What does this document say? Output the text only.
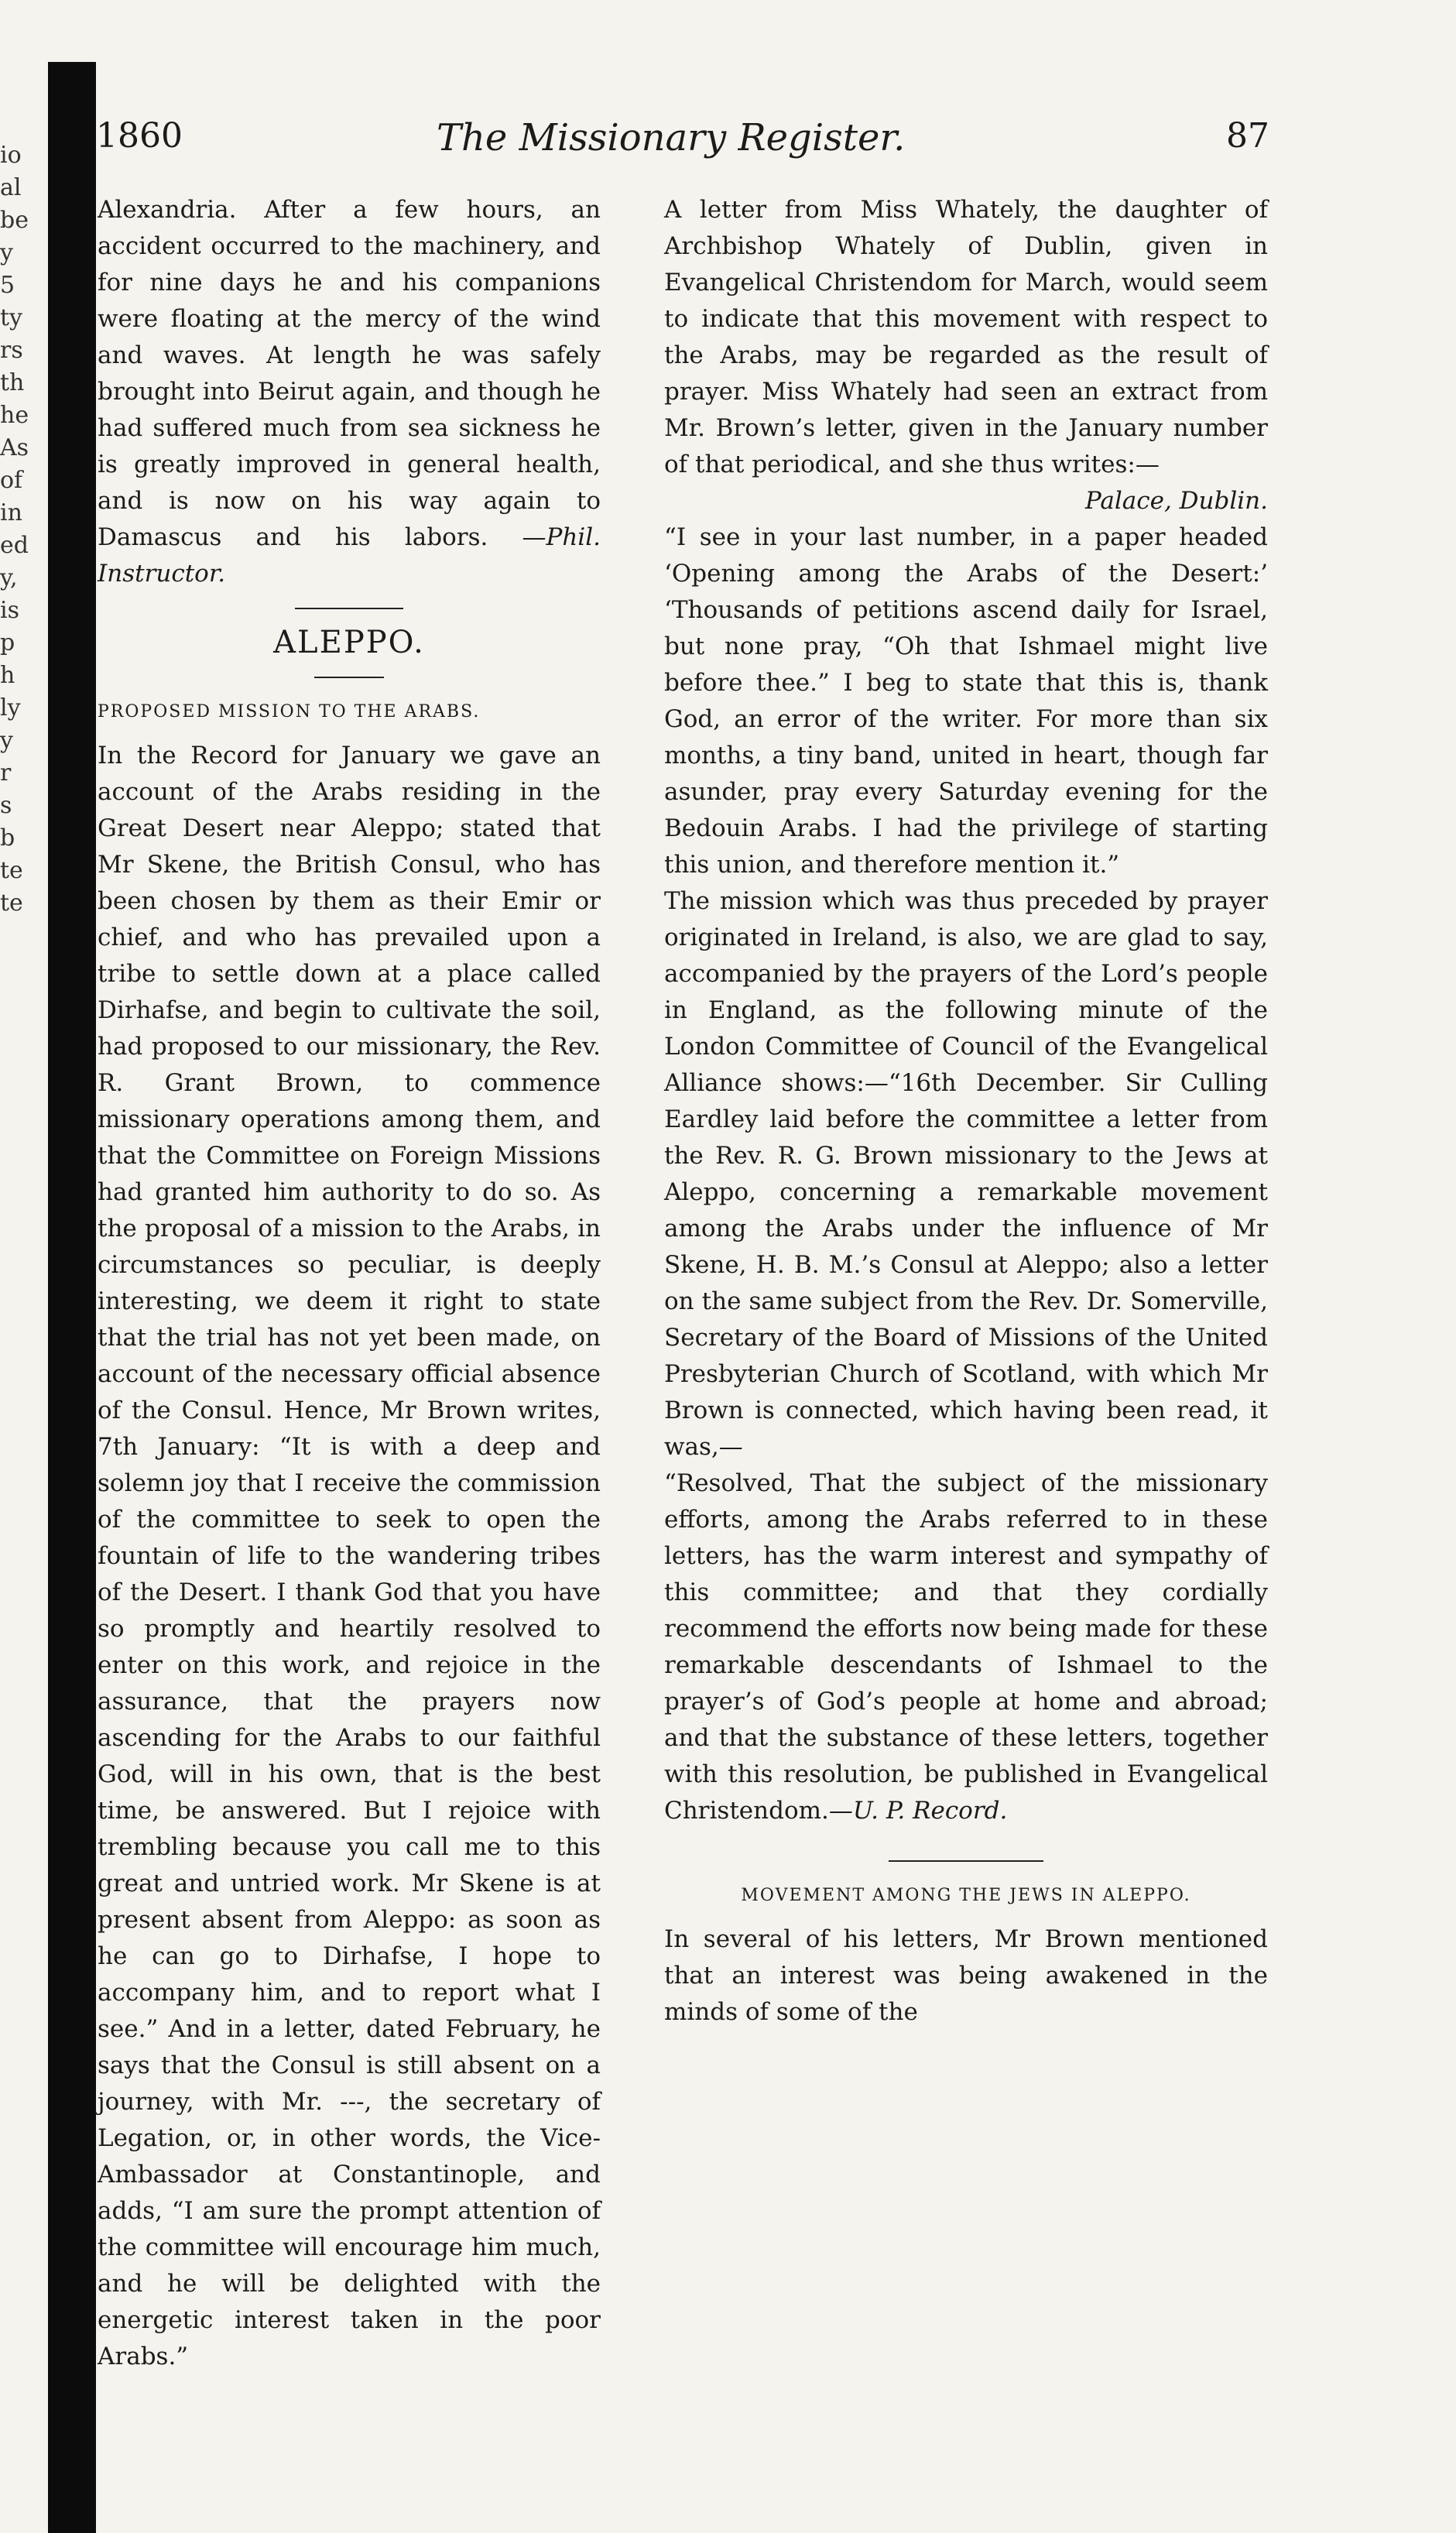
io
al
be
y
5
ty
rs
th
he
As
of
in
ed
y,
is
p
h
ly
y
r
s
b
te
te
1860	The Missionary Register.	87

Alexandria. After a few hours, an accident occurred to the machinery, and for nine days he and his companions were floating at the mercy of the wind and waves. At length he was safely brought into Beirut again, and though he had suffered much from sea sickness he is greatly improved in general health, and is now on his way again to Damascus and his labors. —Phil. Instructor.

ALEPPO.
PROPOSED MISSION TO THE ARABS.

In the Record for January we gave an account of the Arabs residing in the Great Desert near Aleppo; stated that Mr Skene, the British Consul, who has been chosen by them as their Emir or chief, and who has prevailed upon a tribe to settle down at a place called Dirhafse, and begin to cultivate the soil, had proposed to our missionary, the Rev. R. Grant Brown, to commence missionary operations among them, and that the Committee on Foreign Missions had granted him authority to do so. As the proposal of a mission to the Arabs, in circumstances so peculiar, is deeply interesting, we deem it right to state that the trial has not yet been made, on account of the necessary official absence of the Consul. Hence, Mr Brown writes, 7th January: “It is with a deep and solemn joy that I receive the commission of the committee to seek to open the fountain of life to the wandering tribes of the Desert. I thank God that you have so promptly and heartily resolved to enter on this work, and rejoice in the assurance, that the prayers now ascending for the Arabs to our faithful God, will in his own, that is the best time, be answered. But I rejoice with trembling because you call me to this great and untried work. Mr Skene is at present absent from Aleppo: as soon as he can go to Dirhafse, I hope to accompany him, and to report what I see.” And in a letter, dated February, he says that the Consul is still absent on a journey, with Mr. ---, the secretary of Legation, or, in other words, the Vice-Ambassador at Constantinople, and adds, “I am sure the prompt attention of the committee will encourage him much, and he will be delighted with the energetic interest taken in the poor Arabs.”

A letter from Miss Whately, the daughter of Archbishop Whately of Dublin, given in Evangelical Christendom for March, would seem to indicate that this movement with respect to the Arabs, may be regarded as the result of prayer. Miss Whately had seen an extract from Mr. Brown’s letter, given in the January number of that periodical, and she thus writes:—

Palace, Dublin.

“I see in your last number, in a paper headed ‘Opening among the Arabs of the Desert:’ ‘Thousands of petitions ascend daily for Israel, but none pray, “Oh that Ishmael might live before thee.” I beg to state that this is, thank God, an error of the writer. For more than six months, a tiny band, united in heart, though far asunder, pray every Saturday evening for the Bedouin Arabs. I had the privilege of starting this union, and therefore mention it.”

The mission which was thus preceded by prayer originated in Ireland, is also, we are glad to say, accompanied by the prayers of the Lord’s people in England, as the following minute of the London Committee of Council of the Evangelical Alliance shows:—“16th December. Sir Culling Eardley laid before the committee a letter from the Rev. R. G. Brown missionary to the Jews at Aleppo, concerning a remarkable movement among the Arabs under the influence of Mr Skene, H. B. M.’s Consul at Aleppo; also a letter on the same subject from the Rev. Dr. Somerville, Secretary of the Board of Missions of the United Presbyterian Church of Scotland, with which Mr Brown is connected, which having been read, it was,—

“Resolved, That the subject of the missionary efforts, among the Arabs referred to in these letters, has the warm interest and sympathy of this committee; and that they cordially recommend the efforts now being made for these remarkable descendants of Ishmael to the prayer’s of God’s people at home and abroad; and that the substance of these letters, together with this resolution, be published in Evangelical Christendom.—U. P. Record.

MOVEMENT AMONG THE JEWS IN ALEPPO.

In several of his letters, Mr Brown mentioned that an interest was being awakened in the minds of some of the
